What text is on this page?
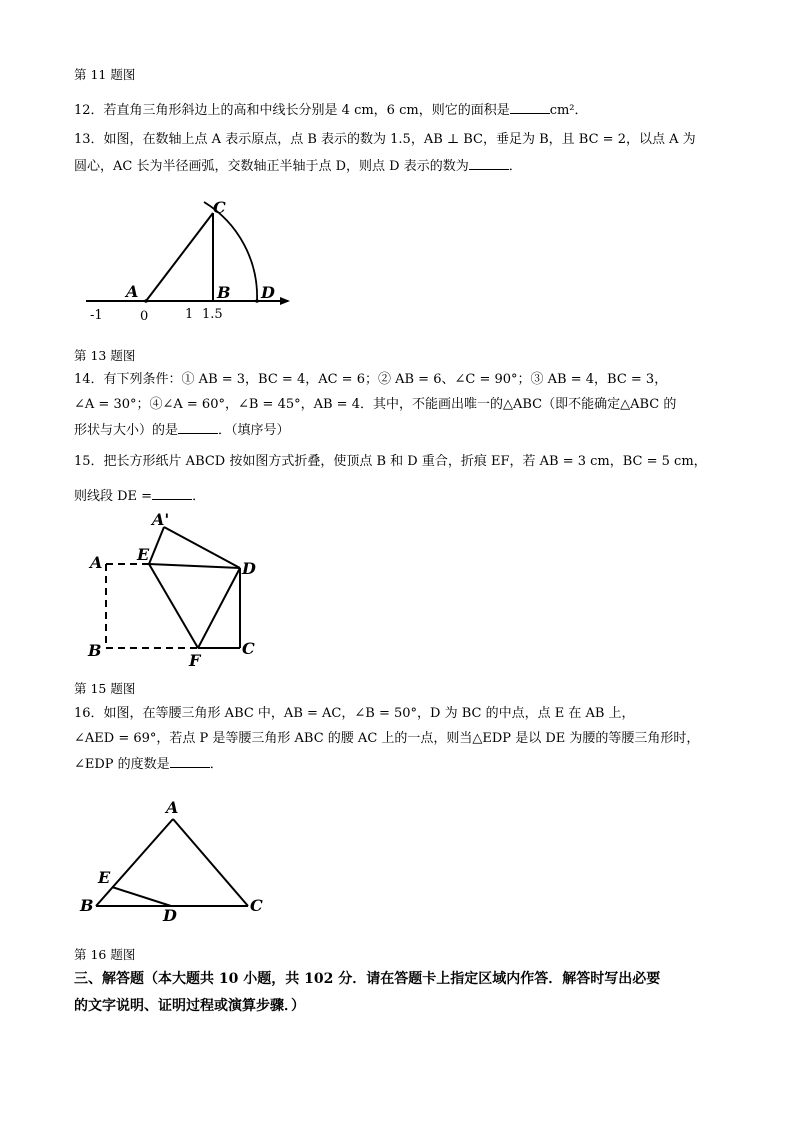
第 11 题图
12．若直角三角形斜边上的高和中线长分别是 4 cm，6 cm，则它的面积是	cm²．
13．如图，在数轴上点 A 表示原点，点 B 表示的数为 1.5，AB ⊥ BC，垂足为 B，且 BC = 2，以点 A 为
圆心，AC 长为半径画弧，交数轴正半轴于点 D，则点 D 表示的数为	．
C
A	B D
-1	0	1 1.5
第 13 题图
14．有下列条件：① AB = 3，BC = 4，AC = 6；② AB = 6、∠C = 90°；③ AB = 4，BC = 3，
∠A = 30°；④∠A = 60°，∠B = 45°，AB = 4．其中，不能画出唯一的△ABC（即不能确定△ABC 的
形状与大小）的是	．（填序号）
15．把长方形纸片 ABCD 按如图方式折叠，使顶点 B 和 D 重合，折痕 EF，若 AB = 3 cm，BC = 5 cm，
则线段 DE =	．
A'
A E
D
B
F
C
第 15 题图
16．如图，在等腰三角形 ABC 中，AB = AC，∠B = 50°，D 为 BC 的中点，点 E 在 AB 上，
∠AED = 69°，若点 P 是等腰三角形 ABC 的腰 AC 上的一点，则当△EDP 是以 DE 为腰的等腰三角形时，
∠EDP 的度数是	．
A
E
B
D
C
第 16 题图
三、解答题（本大题共 10 小题，共 102 分．请在答题卡上指定区域内作答．解答时写出必要
的文字说明、证明过程或演算步骤．）
